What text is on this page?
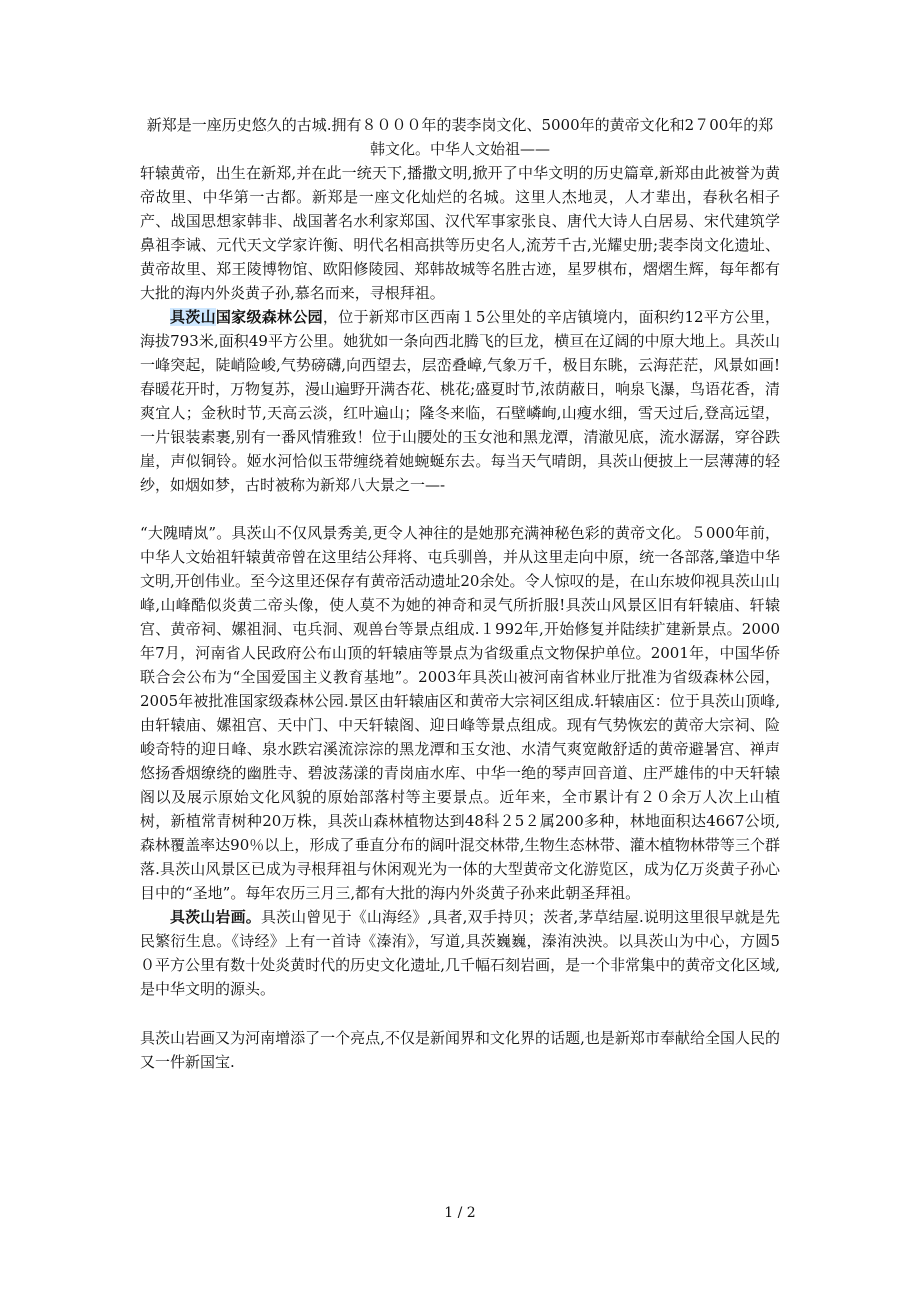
新郑是一座历史悠久的古城.拥有８０００年的裴李岗文化、5000年的黄帝文化和2７00年的郑韩文化。中华人文始祖——

轩辕黄帝，出生在新郑,并在此一统天下,播撒文明,掀开了中华文明的历史篇章,新郑由此被誉为黄帝故里、中华第一古都。新郑是一座文化灿烂的名城。这里人杰地灵，人才辈出，春秋名相子产、战国思想家韩非、战国著名水利家郑国、汉代军事家张良、唐代大诗人白居易、宋代建筑学鼻祖李诫、元代天文学家许衡、明代名相高拱等历史名人,流芳千古,光耀史册;裴李岗文化遗址、黄帝故里、郑王陵博物馆、欧阳修陵园、郑韩故城等名胜古迹，星罗棋布，熠熠生辉，每年都有大批的海内外炎黄子孙,慕名而来，寻根拜祖。

具茨山国家级森林公园，位于新郑市区西南１5公里处的辛店镇境内，面积约12平方公里，海拔793米,面积49平方公里。她犹如一条向西北腾飞的巨龙，横亘在辽阔的中原大地上。具茨山一峰突起，陡峭险峻,气势磅礴,向西望去，层峦叠嶂,气象万千，极目东眺，云海茫茫，风景如画!春暖花开时，万物复苏，漫山遍野开满杏花、桃花;盛夏时节,浓荫蔽日，响泉飞瀑，鸟语花香，清爽宜人；金秋时节,天高云淡，红叶遍山；隆冬来临，石壁嶙峋,山瘦水细，雪天过后,登高远望，一片银装素裹,别有一番风情雅致！位于山腰处的玉女池和黑龙潭，清澈见底，流水潺潺，穿谷跌崖，声似铜铃。姬水河恰似玉带缠绕着她蜿蜒东去。每当天气晴朗，具茨山便披上一层薄薄的轻纱，如烟如梦，古时被称为新郑八大景之一—-

“大隗晴岚”。具茨山不仅风景秀美,更令人神往的是她那充满神秘色彩的黄帝文化。５000年前，中华人文始祖轩辕黄帝曾在这里结公拜将、屯兵驯兽，并从这里走向中原，统一各部落,肇造中华文明,开创伟业。至今这里还保存有黄帝活动遗址20余处。令人惊叹的是，在山东坡仰视具茨山山峰,山峰酷似炎黄二帝头像，使人莫不为她的神奇和灵气所折服!具茨山风景区旧有轩辕庙、轩辕宫、黄帝祠、嫘祖洞、屯兵洞、观兽台等景点组成.１992年,开始修复并陆续扩建新景点。2000年7月，河南省人民政府公布山顶的轩辕庙等景点为省级重点文物保护单位。2001年，中国华侨联合会公布为“全国爱国主义教育基地”。2003年具茨山被河南省林业厅批准为省级森林公园，2005年被批准国家级森林公园.景区由轩辕庙区和黄帝大宗祠区组成.轩辕庙区：位于具茨山顶峰,由轩辕庙、嫘祖宫、天中门、中天轩辕阁、迎日峰等景点组成。现有气势恢宏的黄帝大宗祠、险峻奇特的迎日峰、泉水跌宕溪流淙淙的黑龙潭和玉女池、水清气爽宽敞舒适的黄帝避暑宫、禅声悠扬香烟缭绕的幽胜寺、碧波荡漾的青岗庙水库、中华一绝的琴声回音道、庄严雄伟的中天轩辕阁以及展示原始文化风貌的原始部落村等主要景点。近年来，全市累计有２０余万人次上山植树，新植常青树种20万株，具茨山森林植物达到48科２5２属200多种，林地面积达4667公顷,森林覆盖率达90％以上，形成了垂直分布的阔叶混交林带,生物生态林带、灌木植物林带等三个群落.具茨山风景区已成为寻根拜祖与休闲观光为一体的大型黄帝文化游览区，成为亿万炎黄子孙心目中的“圣地”。每年农历三月三,都有大批的海内外炎黄子孙来此朝圣拜祖。

具茨山岩画。具茨山曾见于《山海经》,具者,双手持贝；茨者,茅草结屋.说明这里很早就是先民繁衍生息。《诗经》上有一首诗《溱洧》，写道,具茨巍巍，溱洧泱泱。以具茨山为中心，方圆5０平方公里有数十处炎黄时代的历史文化遗址,几千幅石刻岩画，是一个非常集中的黄帝文化区域,是中华文明的源头。

具茨山岩画又为河南增添了一个亮点,不仅是新闻界和文化界的话题,也是新郑市奉献给全国人民的又一件新国宝.

1 / 2
